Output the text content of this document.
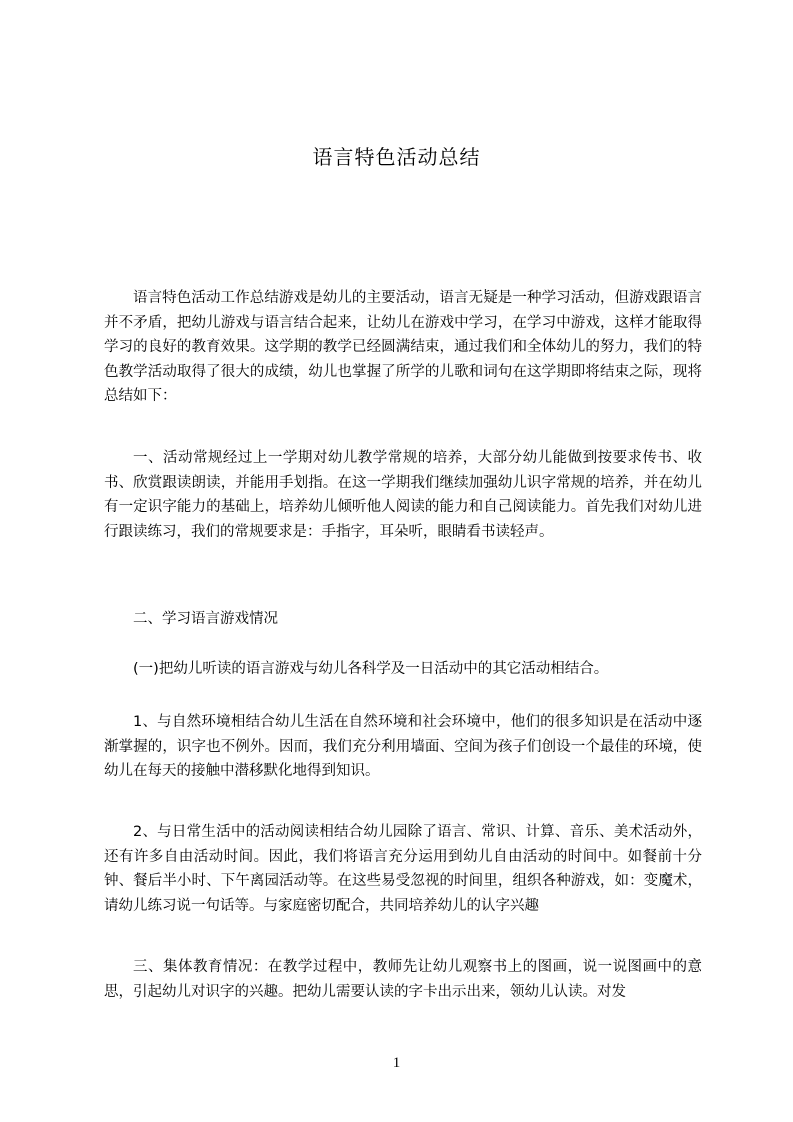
语言特色活动总结

语言特色活动工作总结游戏是幼儿的主要活动，语言无疑是一种学习活动，但游戏跟语言并不矛盾，把幼儿游戏与语言结合起来，让幼儿在游戏中学习，在学习中游戏，这样才能取得学习的良好的教育效果。这学期的教学已经圆满结束，通过我们和全体幼儿的努力，我们的特色教学活动取得了很大的成绩，幼儿也掌握了所学的儿歌和词句在这学期即将结束之际，现将总结如下：

一、活动常规经过上一学期对幼儿教学常规的培养，大部分幼儿能做到按要求传书、收书、欣赏跟读朗读，并能用手划指。在这一学期我们继续加强幼儿识字常规的培养，并在幼儿有一定识字能力的基础上，培养幼儿倾听他人阅读的能力和自己阅读能力。首先我们对幼儿进行跟读练习，我们的常规要求是：手指字，耳朵听，眼睛看书读轻声。

二、学习语言游戏情况

(一)把幼儿听读的语言游戏与幼儿各科学及一日活动中的其它活动相结合。

1、与自然环境相结合幼儿生活在自然环境和社会环境中，他们的很多知识是在活动中逐渐掌握的，识字也不例外。因而，我们充分利用墙面、空间为孩子们创设一个最佳的环境，使幼儿在每天的接触中潜移默化地得到知识。

2、与日常生活中的活动阅读相结合幼儿园除了语言、常识、计算、音乐、美术活动外，还有许多自由活动时间。因此，我们将语言充分运用到幼儿自由活动的时间中。如餐前十分钟、餐后半小时、下午离园活动等。在这些易受忽视的时间里，组织各种游戏，如：变魔术，请幼儿练习说一句话等。与家庭密切配合，共同培养幼儿的认字兴趣

三、集体教育情况：在教学过程中，教师先让幼儿观察书上的图画，说一说图画中的意思，引起幼儿对识字的兴趣。把幼儿需要认读的字卡出示出来，领幼儿认读。对发

1
